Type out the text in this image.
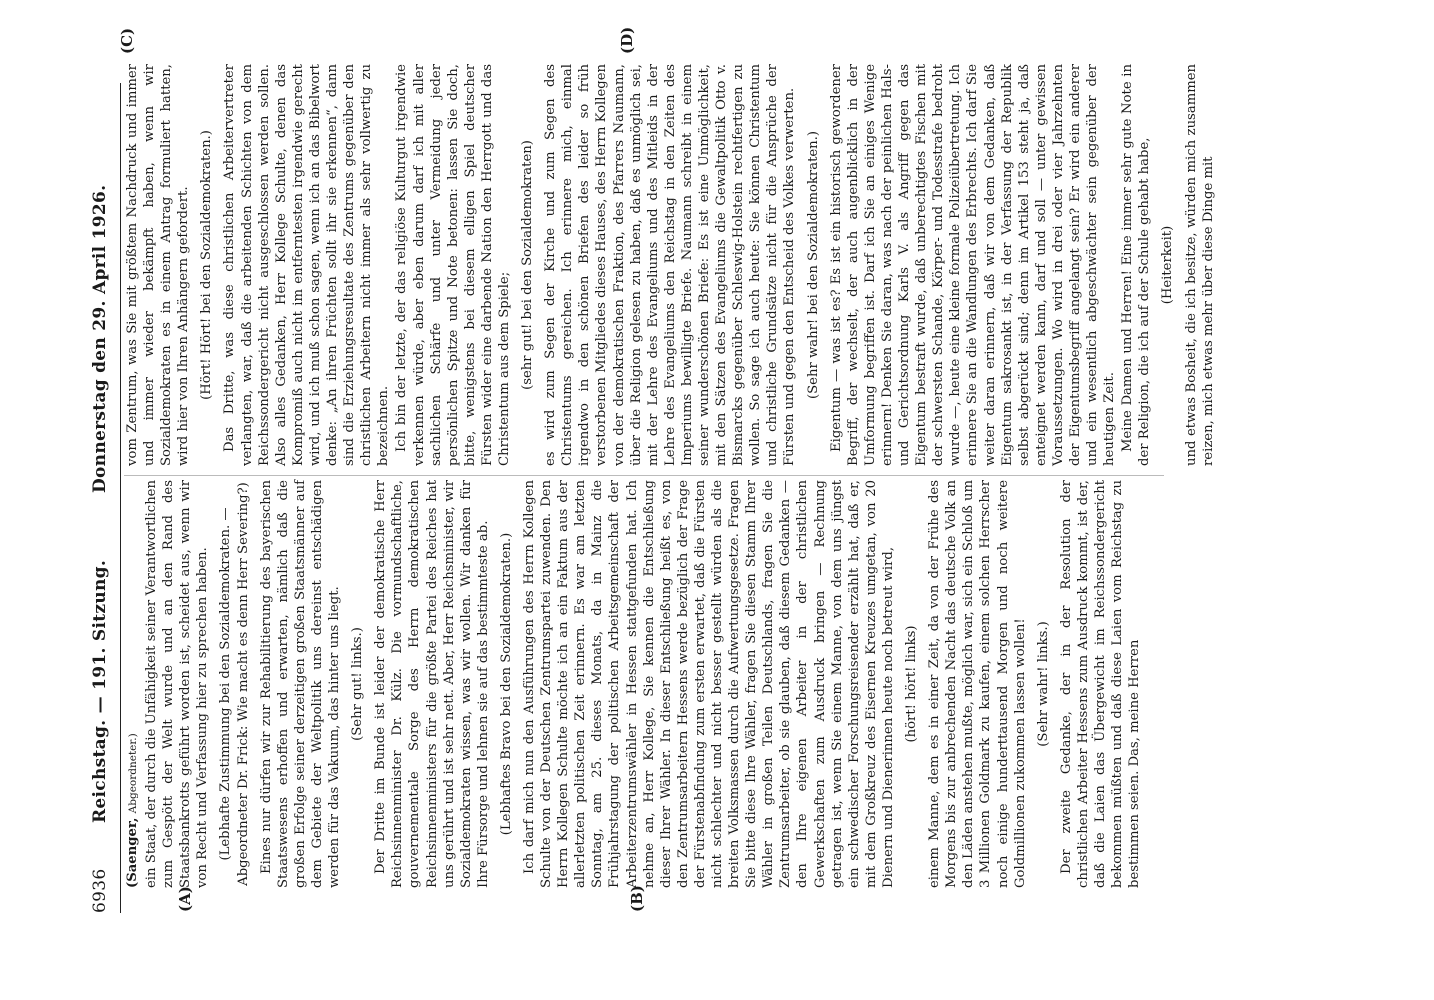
6936
Reichstag. — 191. Sitzung.
Donnerstag den 29. April 1926.
(A)	(B)
(C)	(D)

(Saenger, Abgeordneter.) ein Staat, der durch die Unfähigkeit seiner Verantwortlichen zum Gespött der Welt wurde und an den Rand des Staatsbankrotts geführt worden ist, scheidet aus, wenn wir von Recht und Verfassung hier zu sprechen haben. (Lebhafte Zustimmung bei den Sozialdemokraten. — Abgeordneter Dr. Frick: Wie macht es denn Herr Severing?) Eines nur dürfen wir zur Rehabilitierung des bayerischen Staatswesens erhoffen und erwarten, nämlich daß die großen Erfolge seiner derzeitigen großen Staatsmänner auf dem Gebiete der Weltpolitik uns dereinst entschädigen werden für das Vakuum, das hinter uns liegt. (Sehr gut! links.) Der Dritte im Bunde ist leider der demokratische Herr Reichsinnenminister Dr. Külz. Die vormundschaftliche, gouvernementale Sorge des Herrn demokratischen Reichsinnenministers für die größte Partei des Reiches hat uns gerührt und ist sehr nett. Aber, Herr Reichsminister, wir Sozialdemokraten wissen, was wir wollen. Wir danken für Ihre Fürsorge und lehnen sie auf das bestimmteste ab. (Lebhaftes Bravo bei den Sozialdemokraten.) Ich darf mich nun den Ausführungen des Herrn Kollegen Schulte von der Deutschen Zentrumspartei zuwenden. Den Herrn Kollegen Schulte möchte ich an ein Faktum aus der allerletzten politischen Zeit erinnern. Es war am letzten Sonntag, am 25. dieses Monats, da in Mainz die Frühjahrstagung der politischen Arbeitsgemeinschaft der Arbeiterzentrumswähler in Hessen stattgefunden hat. Ich nehme an, Herr Kollege, Sie kennen die Entschließung dieser Ihrer Wähler. In dieser Entschließung heißt es, von den Zentrumsarbeitern Hessens werde bezüglich der Frage der Fürstenabfindung zum ersten erwartet, daß die Fürsten nicht schlechter und nicht besser gestellt würden als die breiten Volksmassen durch die Aufwertungsgesetze. Fragen Sie bitte diese Ihre Wähler, fragen Sie diesen Stamm Ihrer Wähler in großen Teilen Deutschlands, fragen Sie die Zentrumsarbeiter, ob sie glauben, daß diesem Gedanken — den Ihre eigenen Arbeiter in der christlichen Gewerkschaften zum Ausdruck bringen — Rechnung getragen ist, wenn Sie einem Manne, von dem uns jüngst ein schwedischer Forschungsreisender erzählt hat, daß er, mit dem Großkreuz des Eisernen Kreuzes umgetan, von 20 Dienern und Dienerinnen heute noch betreut wird, (hört! hört! links) einem Manne, dem es in einer Zeit, da von der Frühe des Morgens bis zur anbrechenden Nacht das deutsche Volk an den Läden anstehen mußte, möglich war, sich ein Schloß um 3 Millionen Goldmark zu kaufen, einem solchen Herrscher noch einige hunderttausend Morgen und noch weitere Goldmillionen zukommen lassen wollen! (Sehr wahr! links.) Der zweite Gedanke, der in der Resolution der christlichen Arbeiter Hessens zum Ausdruck kommt, ist der, daß die Laien das Übergewicht im Reichssondergericht bekommen müßten und daß diese Laien vom Reichstag zu bestimmen seien. Das, meine Herren

vom Zentrum, was Sie mit größtem Nachdruck und immer und immer wieder bekämpft haben, wenn wir Sozialdemokraten es in einem Antrag formuliert hatten, wird hier von Ihren Anhängern gefordert. (Hört! Hört! bei den Sozialdemokraten.) Das Dritte, was diese christlichen Arbeitervertreter verlangten, war, daß die arbeitenden Schichten von dem Reichssondergericht nicht ausgeschlossen werden sollen. Also alles Gedanken, Herr Kollege Schulte, denen das Kompromiß auch nicht im entferntesten irgendwie gerecht wird, und ich muß schon sagen, wenn ich an das Bibelwort denke: „An ihren Früchten sollt ihr sie erkennen“, dann sind die Erziehungsresultate des Zentrums gegenüber den christlichen Arbeitern nicht immer als sehr vollwertig zu bezeichnen. Ich bin der letzte, der das religiöse Kulturgut irgendwie verkennen würde, aber eben darum darf ich mit aller sachlichen Schärfe und unter Vermeidung jeder persönlichen Spitze und Note betonen: lassen Sie doch, bitte, wenigstens bei diesem elligen Spiel deutscher Fürsten wider eine darbende Nation den Herrgott und das Christentum aus dem Spiele; (sehr gut! bei den Sozialdemokraten) es wird zum Segen der Kirche und zum Segen des Christentums gereichen. Ich erinnere mich, einmal irgendwo in den schönen Briefen des leider so früh verstorbenen Mitgliedes dieses Hauses, des Herrn Kollegen von der demokratischen Fraktion, des Pfarrers Naumann, über die Religion gelesen zu haben, daß es unmöglich sei, mit der Lehre des Evangeliums und des Mitleids in der Lehre des Evangeliums den Reichstag in den Zeiten des Imperiums bewilligte Briefe. Naumann schreibt in einem seiner wunderschönen Briefe: Es ist eine Unmöglichkeit, mit den Sätzen des Evangeliums die Gewaltpolitik Otto v. Bismarcks gegenüber Schleswig-Holstein rechtfertigen zu wollen. So sage ich auch heute: Sie können Christentum und christliche Grundsätze nicht für die Ansprüche der Fürsten und gegen den Entscheid des Volkes verwerten. (Sehr wahr! bei den Sozialdemokraten.) Eigentum — was ist es? Es ist ein historisch gewordener Begriff, der wechselt, der auch augenblicklich in der Umformung begriffen ist. Darf ich Sie an einiges Wenige erinnern! Denken Sie daran, was nach der peinlichen Hals- und Gerichtsordnung Karls V. als Angriff gegen das Eigentum bestraft wurde, daß unberechtigtes Fischen mit der schwersten Schande, Körper- und Todesstrafe bedroht wurde —, heute eine kleine formale Polizeiübertretung. Ich erinnere Sie an die Wandlungen des Erbrechts. Ich darf Sie weiter daran erinnern, daß wir von dem Gedanken, daß Eigentum sakrosankt ist, in der Verfassung der Republik selbst abgerückt sind; denn im Artikel 153 steht ja, daß enteignet werden kann, darf und soll — unter gewissen Voraussetzungen. Wo wird in drei oder vier Jahrzehnten der Eigentumsbegriff angelangt sein? Er wird ein anderer und ein wesentlich abgeschwächter sein gegenüber der heutigen Zeit. Meine Damen und Herren! Eine immer sehr gute Note in der Religion, die ich auf der Schule gehabt habe, (Heiterkeit) und etwas Bosheit, die ich besitze, würden mich zusammen reizen, mich etwas mehr über diese Dinge mit
